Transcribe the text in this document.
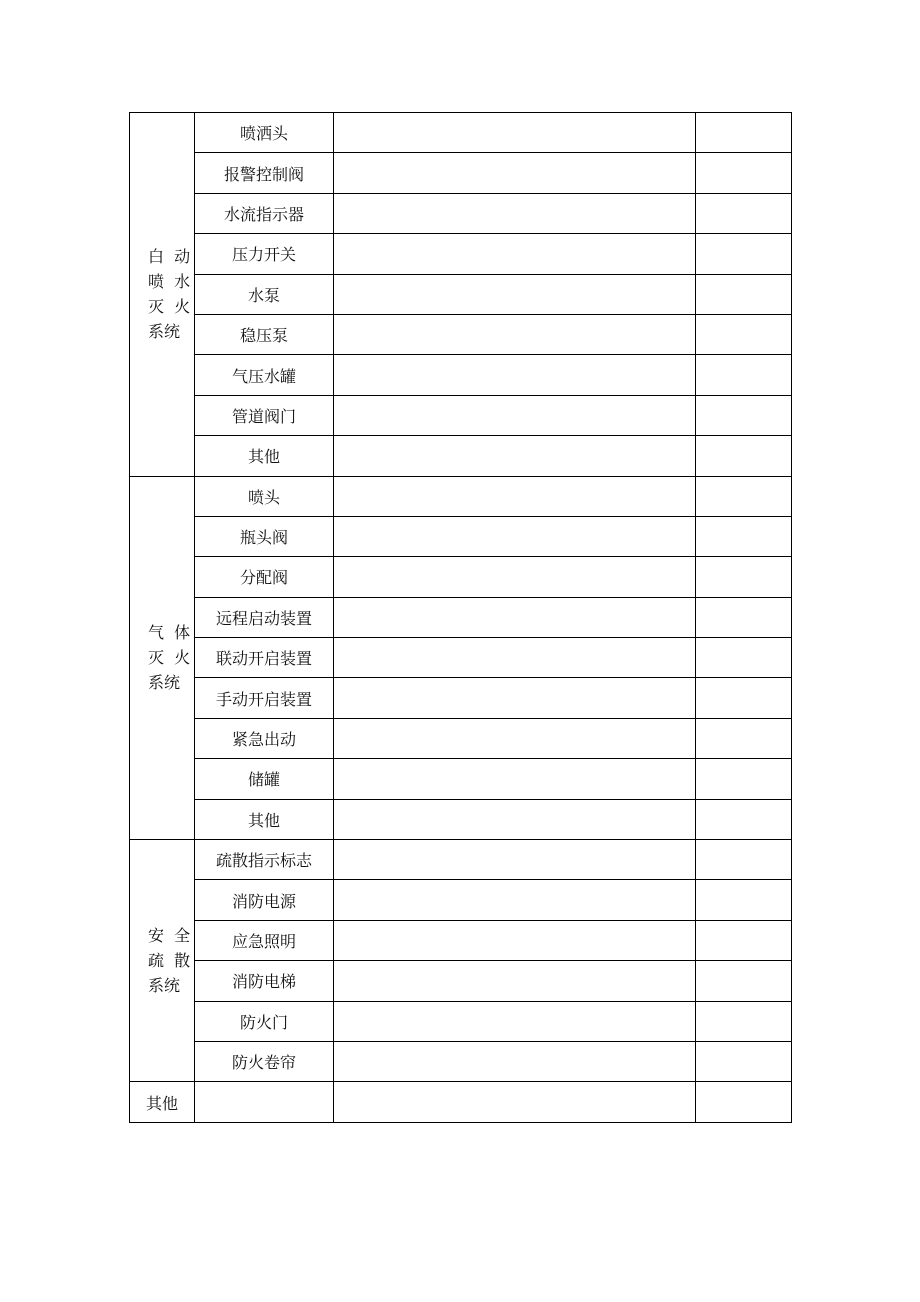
白  动
喷  水
灭  火
系统	喷洒头		
	报警控制阀		
	水流指示器		
	压力开关		
	水泵		
	稳压泵		
	气压水罐		
	管道阀门		
	其他		

气  体
灭  火
系统	喷头		
	瓶头阀		
	分配阀		
	远程启动装置		
	联动开启装置		
	手动开启装置		
	紧急出动		
	储罐		
	其他		

安  全
疏  散
系统	疏散指示标志		
	消防电源		
	应急照明		
	消防电梯		
	防火门		
	防火卷帘		
其他			
